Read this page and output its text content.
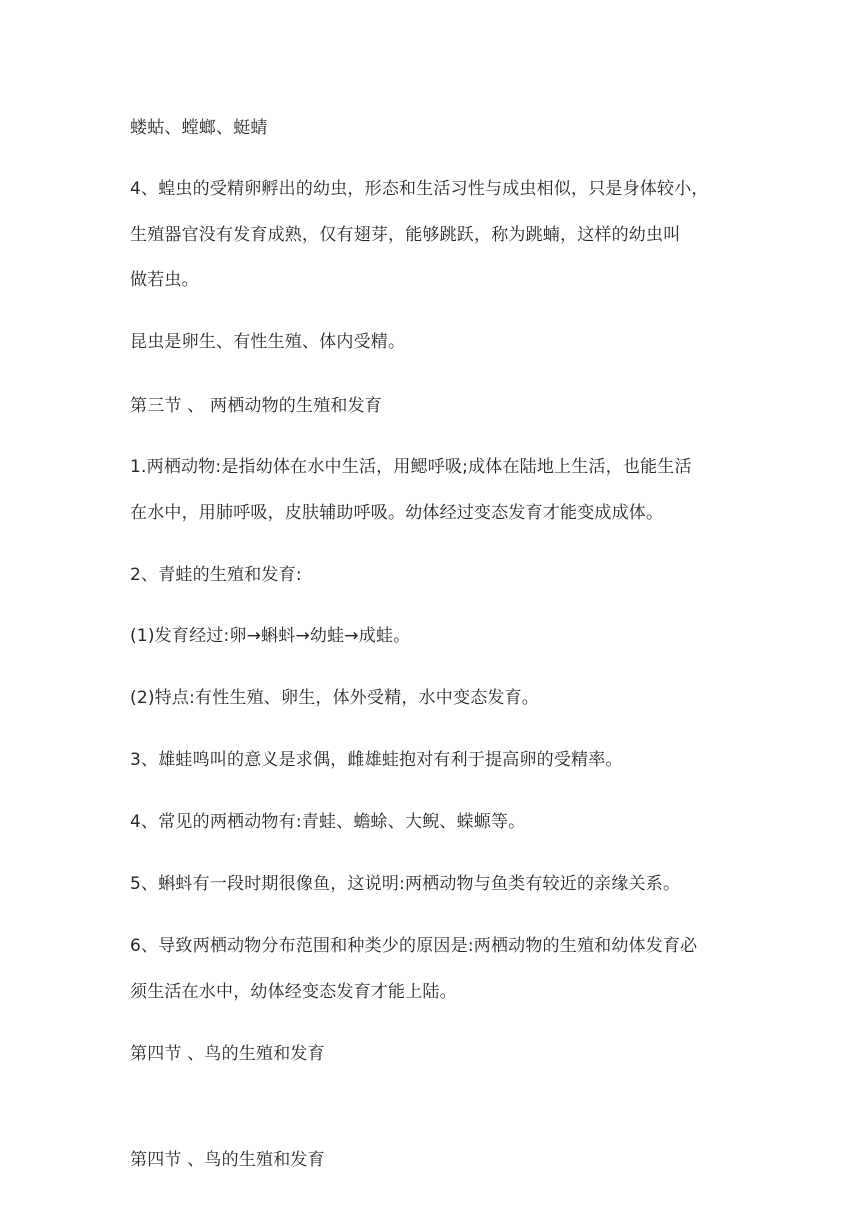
蝼蛄、螳螂、蜓蜻
4、蝗虫的受精卵孵出的幼虫，形态和生活习性与成虫相似，只是身体较小，
生殖器官没有发育成熟，仅有翅芽，能够跳跃，称为跳蝻，这样的幼虫叫
做若虫。
昆虫是卵生、有性生殖、体内受精。
第三节 、 两栖动物的生殖和发育
1.两栖动物:是指幼体在水中生活，用鳃呼吸;成体在陆地上生活，也能生活
在水中，用肺呼吸，皮肤辅助呼吸。幼体经过变态发育才能变成成体。
2、青蛙的生殖和发育:
(1)发育经过:卵→蝌蚪→幼蛙→成蛙。
(2)特点:有性生殖、卵生，体外受精，水中变态发育。
3、雄蛙鸣叫的意义是求偶，雌雄蛙抱对有利于提高卵的受精率。
4、常见的两栖动物有:青蛙、蟾蜍、大鲵、蝾螈等。
5、蝌蚪有一段时期很像鱼，这说明:两栖动物与鱼类有较近的亲缘关系。
6、导致两栖动物分布范围和种类少的原因是:两栖动物的生殖和幼体发育必
须生活在水中，幼体经变态发育才能上陆。
第四节 、鸟的生殖和发育
第四节 、鸟的生殖和发育
